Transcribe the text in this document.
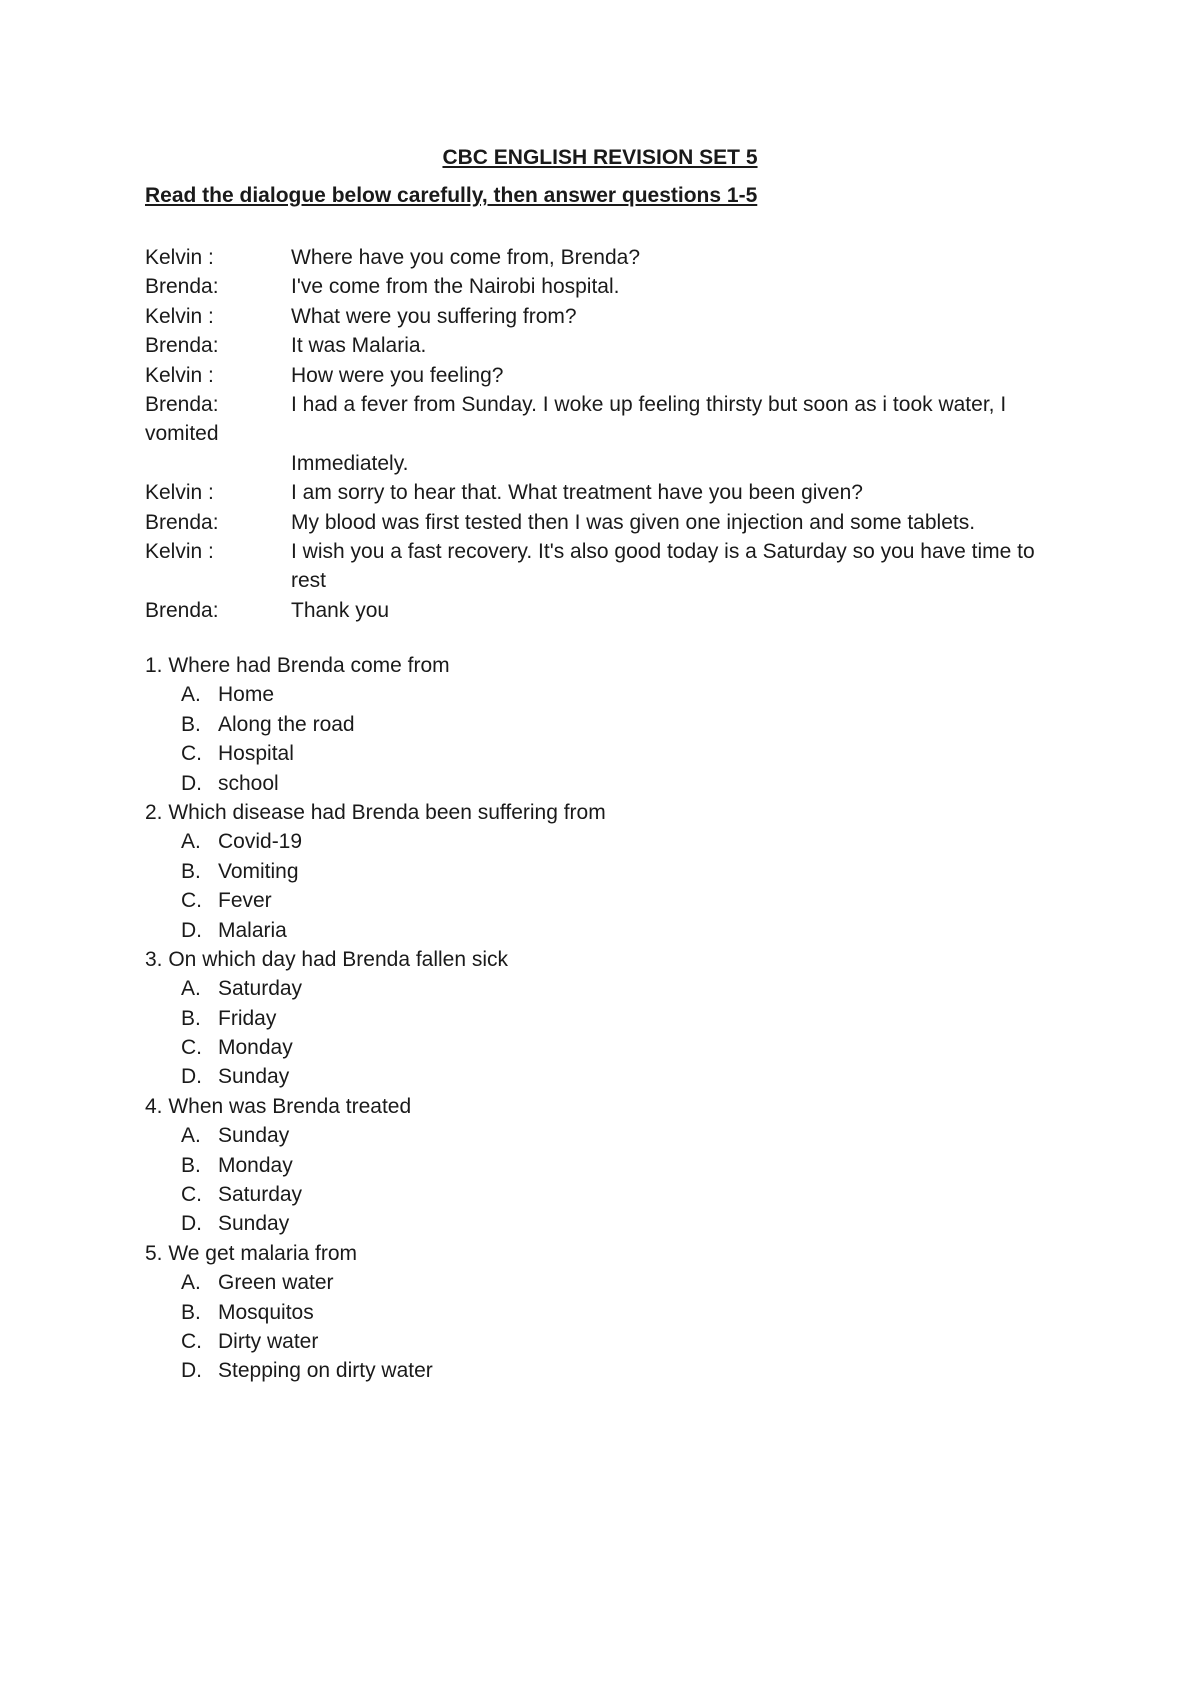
CBC ENGLISH REVISION SET 5
Read the dialogue below carefully, then answer questions 1-5
Kelvin :	Where have you come from, Brenda?
Brenda:	I've come from the Nairobi hospital.
Kelvin :	What were you suffering from?
Brenda:	It was Malaria.
Kelvin :	How were you feeling?
Brenda:	I had a fever from Sunday. I woke up feeling thirsty but soon as i took water, I
vomited
Immediately.
Kelvin :	I am sorry to hear that. What treatment have you been given?
Brenda:	My blood was first tested then I was given one injection and some tablets.
Kelvin :	I wish you a fast recovery. It's also good today is a Saturday so you have time to
rest
Brenda:	Thank you
1. Where had Brenda come from
A. Home
B. Along the road
C. Hospital
D. school
2. Which disease had Brenda been suffering from
A. Covid-19
B. Vomiting
C. Fever
D. Malaria
3. On which day had Brenda fallen sick
A. Saturday
B. Friday
C. Monday
D. Sunday
4. When was Brenda treated
A. Sunday
B. Monday
C. Saturday
D. Sunday
5. We get malaria from
A. Green water
B. Mosquitos
C. Dirty water
D. Stepping on dirty water
